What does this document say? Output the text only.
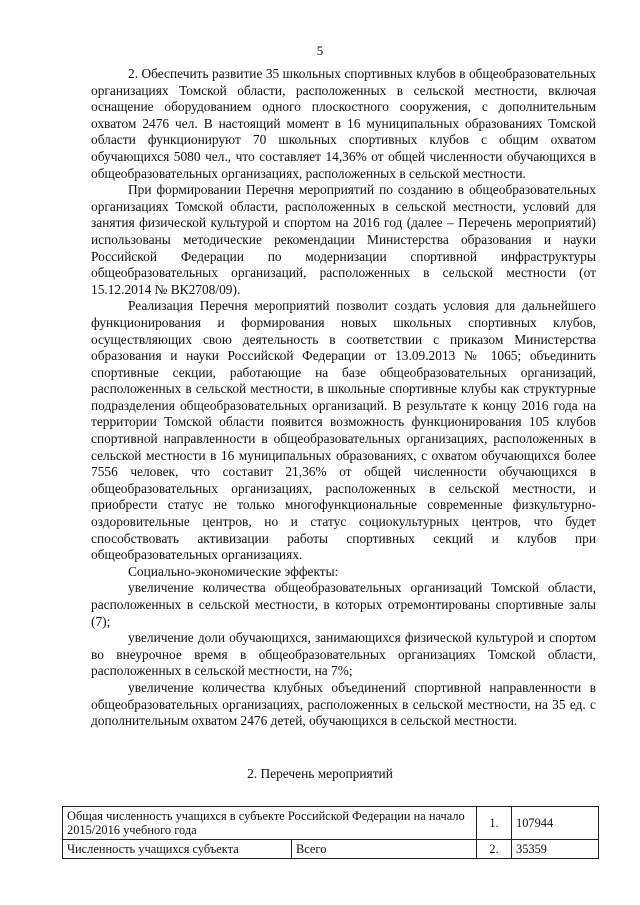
5

2. Обеспечить развитие 35 школьных спортивных клубов в общеобразовательных организациях Томской области, расположенных в сельской местности, включая оснащение оборудованием одного плоскостного сооружения, с дополнительным охватом 2476 чел. В настоящий момент в 16 муниципальных образованиях Томской области функционируют 70 школьных спортивных клубов с общим охватом обучающихся 5080 чел., что составляет 14,36% от общей численности обучающихся в общеобразовательных организациях, расположенных в сельской местности.

При формировании Перечня мероприятий по созданию в общеобразовательных организациях Томской области, расположенных в сельской местности, условий для занятия физической культурой и спортом на 2016 год (далее – Перечень мероприятий) использованы методические рекомендации Министерства образования и науки Российской Федерации по модернизации спортивной инфраструктуры общеобразовательных организаций, расположенных в сельской местности (от 15.12.2014 № ВК2708/09).

Реализация Перечня мероприятий позволит создать условия для дальнейшего функционирования и формирования новых школьных спортивных клубов, осуществляющих свою деятельность в соответствии с приказом Министерства образования и науки Российской Федерации от 13.09.2013 № 1065; объединить спортивные секции, работающие на базе общеобразовательных организаций, расположенных в сельской местности, в школьные спортивные клубы как структурные подразделения общеобразовательных организаций. В результате к концу 2016 года на территории Томской области появится возможность функционирования 105 клубов спортивной направленности в общеобразовательных организациях, расположенных в сельской местности в 16 муниципальных образованиях, с охватом обучающихся более 7556 человек, что составит 21,36% от общей численности обучающихся в общеобразовательных организациях, расположенных в сельской местности, и приобрести статус не только многофункциональные современные физкультурно-оздоровительные центров, но и статус социокультурных центров, что будет способствовать активизации работы спортивных секций и клубов при общеобразовательных организациях.

Социально-экономические эффекты:

увеличение количества общеобразовательных организаций Томской области, расположенных в сельской местности, в которых отремонтированы спортивные залы (7);

увеличение доли обучающихся, занимающихся физической культурой и спортом во внеурочное время в общеобразовательных организациях Томской области, расположенных в сельской местности, на 7%;

увеличение количества клубных объединений спортивной направленности в общеобразовательных организациях, расположенных в сельской местности, на 35 ед. с дополнительным охватом 2476 детей, обучающихся в сельской местности.

2. Перечень мероприятий
Общая численность учащихся в субъекте Российской Федерации на начало 2015/2016 учебного года		1.	107944
Численность учащихся субъекта	Всего	2.	35359
